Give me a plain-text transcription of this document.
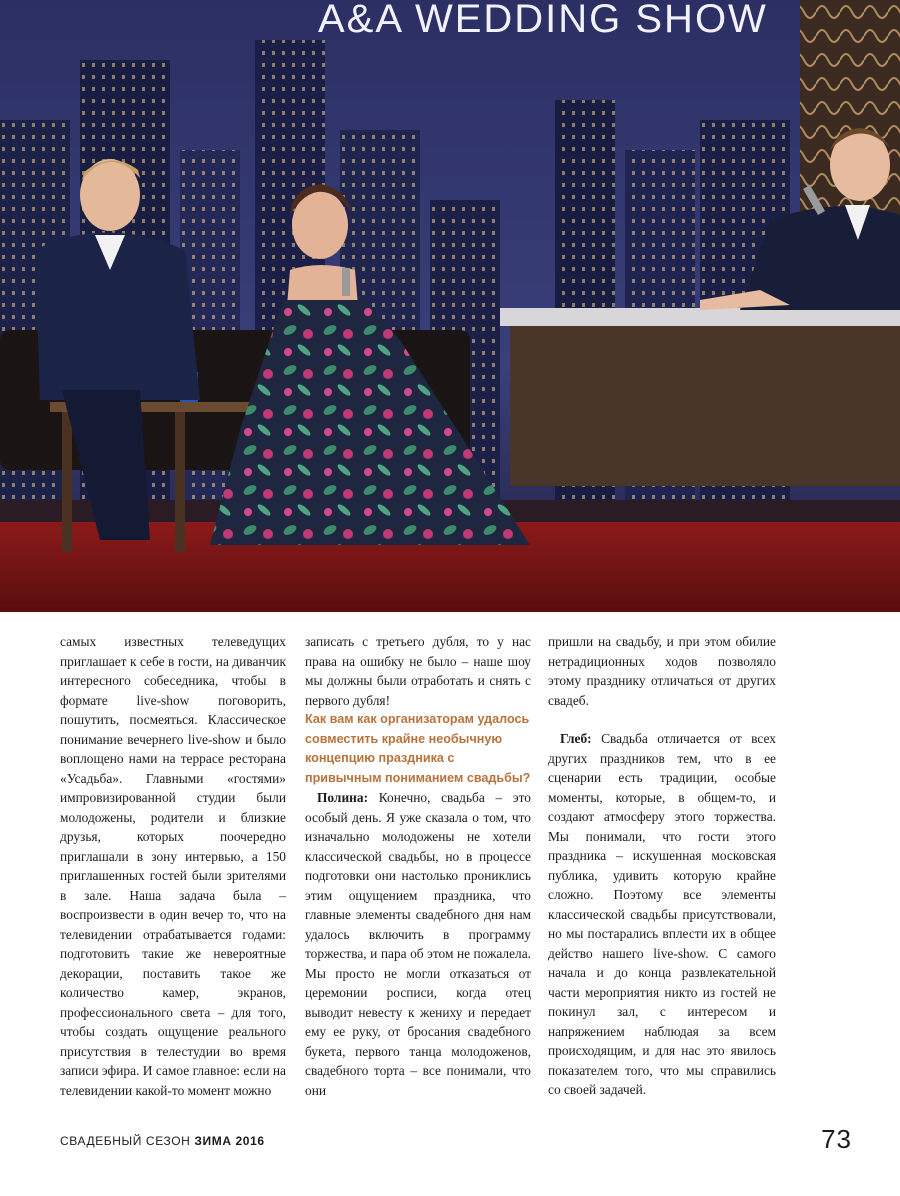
A&A WEDDING SHOW

самых известных телеведущих приглашает к себе в гости, на диванчик интересного собеседника, чтобы в формате live-show поговорить, пошутить, посмеяться. Классическое понимание вечернего live-show и было воплощено нами на террасе ресторана «Усадьба». Главными «гостями» импровизированной студии были молодожены, родители и близкие друзья, которых поочередно приглашали в зону интервью, а 150 приглашенных гостей были зрителями в зале. Наша задача была – воспроизвести в один вечер то, что на телевидении отрабатывается годами: подготовить такие же невероятные декорации, поставить такое же количество камер, экранов, профессионального света – для того, чтобы создать ощущение реального присутствия в телестудии во время записи эфира. И самое главное: если на телевидении какой-то момент можно

записать с третьего дубля, то у нас права на ошибку не было – наше шоу мы должны были отработать и снять с первого дубля!

Как вам как организаторам удалось совместить крайне необычную концепцию праздника с привычным пониманием свадьбы?

Полина: Конечно, свадьба – это особый день. Я уже сказала о том, что изначально молодожены не хотели классической свадьбы, но в процессе подготовки они настолько прониклись этим ощущением праздника, что главные элементы свадебного дня нам удалось включить в программу торжества, и пара об этом не пожалела. Мы просто не могли отказаться от церемонии росписи, когда отец выводит невесту к жениху и передает ему ее руку, от бросания свадебного букета, первого танца молодоженов, свадебного торта – все понимали, что они

пришли на свадьбу, и при этом обилие нетрадиционных ходов позволяло этому празднику отличаться от других свадеб.

Глеб: Свадьба отличается от всех других праздников тем, что в ее сценарии есть традиции, особые моменты, которые, в общем-то, и создают атмосферу этого торжества. Мы понимали, что гости этого праздника – искушенная московская публика, удивить которую крайне сложно. Поэтому все элементы классической свадьбы присутствовали, но мы постарались вплести их в общее действо нашего live-show. С самого начала и до конца развлекательной части мероприятия никто из гостей не покинул зал, с интересом и напряжением наблюдая за всем происходящим, и для нас это явилось показателем того, что мы справились со своей задачей.

СВАДЕБНЫЙ СЕЗОН ЗИМА 2016	73
